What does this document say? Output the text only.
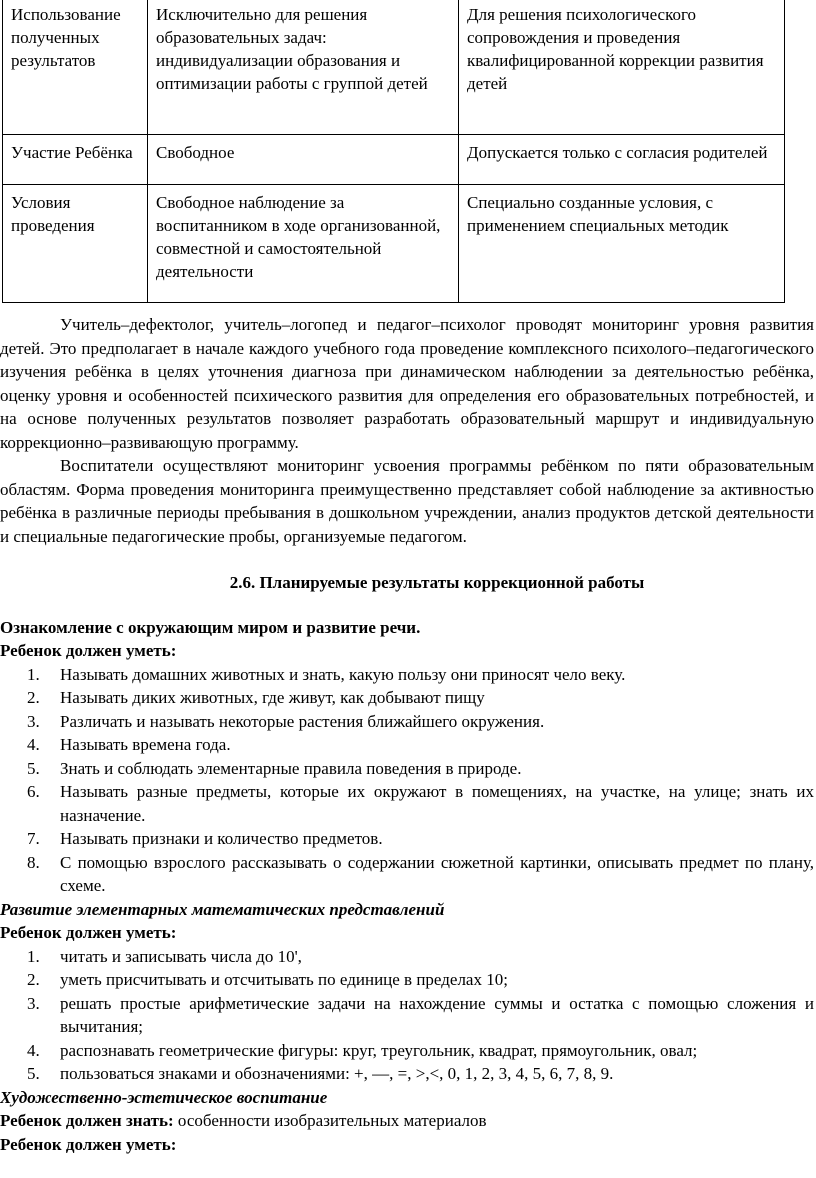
Использование полученных результатов	Исключительно для решения образовательных задач: индивидуализации образования и оптимизации работы с группой детей	Для решения психологического сопровождения и проведения квалифицированной коррекции развития детей
Участие Ребёнка	Свободное	Допускается только с согласия родителей
Условия проведения	Свободное наблюдение за воспитанником в ходе организованной, совместной и самостоятельной деятельности	Специально созданные условия, с применением специальных методик

Учитель–дефектолог, учитель–логопед и педагог–психолог проводят мониторинг уровня развития детей. Это предполагает в начале каждого учебного года проведение комплексного психолого–педагогического изучения ребёнка в целях уточнения диагноза при динамическом наблюдении за деятельностью ребёнка, оценку уровня и особенностей психического развития для определения его образовательных потребностей, и на основе полученных результатов позволяет разработать образовательный маршрут и индивидуальную коррекционно–развивающую программу.

Воспитатели осуществляют мониторинг усвоения программы ребёнком по пяти образовательным областям. Форма проведения мониторинга преимущественно представляет собой наблюдение за активностью ребёнка в различные периоды пребывания в дошкольном учреждении, анализ продуктов детской деятельности и специальные педагогические пробы, организуемые педагогом.

2.6. Планируемые результаты коррекционной работы
Ознакомление с окружающим миром и развитие речи.
Ребенок должен уметь:
1. Называть домашних животных и знать, какую пользу они приносят чело веку.
2. Называть диких животных, где живут, как добывают пищу
3. Различать и называть некоторые растения ближайшего окружения.
4. Называть времена года.
5. Знать и соблюдать элементарные правила поведения в природе.
6. Называть разные предметы, которые их окружают в помещениях, на участке, на улице; знать их назначение.
7. Называть признаки и количество предметов.
8. С помощью взрослого рассказывать о содержании сюжетной картинки, описывать предмет по плану, схеме.
Развитие элементарных математических представлений
Ребенок должен уметь:
1. читать и записывать числа до 10',
2. уметь присчитывать и отсчитывать по единице в пределах 10;
3. решать простые арифметические задачи на нахождение суммы и остатка с помощью сложения и вычитания;
4. распознавать геометрические фигуры: круг, треугольник, квадрат, прямоугольник, овал;
5. пользоваться знаками и обозначениями: +, —, =, >,<, 0, 1, 2, 3, 4, 5, 6, 7, 8, 9.
Художественно-эстетическое воспитание
Ребенок должен знать: особенности изобразительных материалов
Ребенок должен уметь:
